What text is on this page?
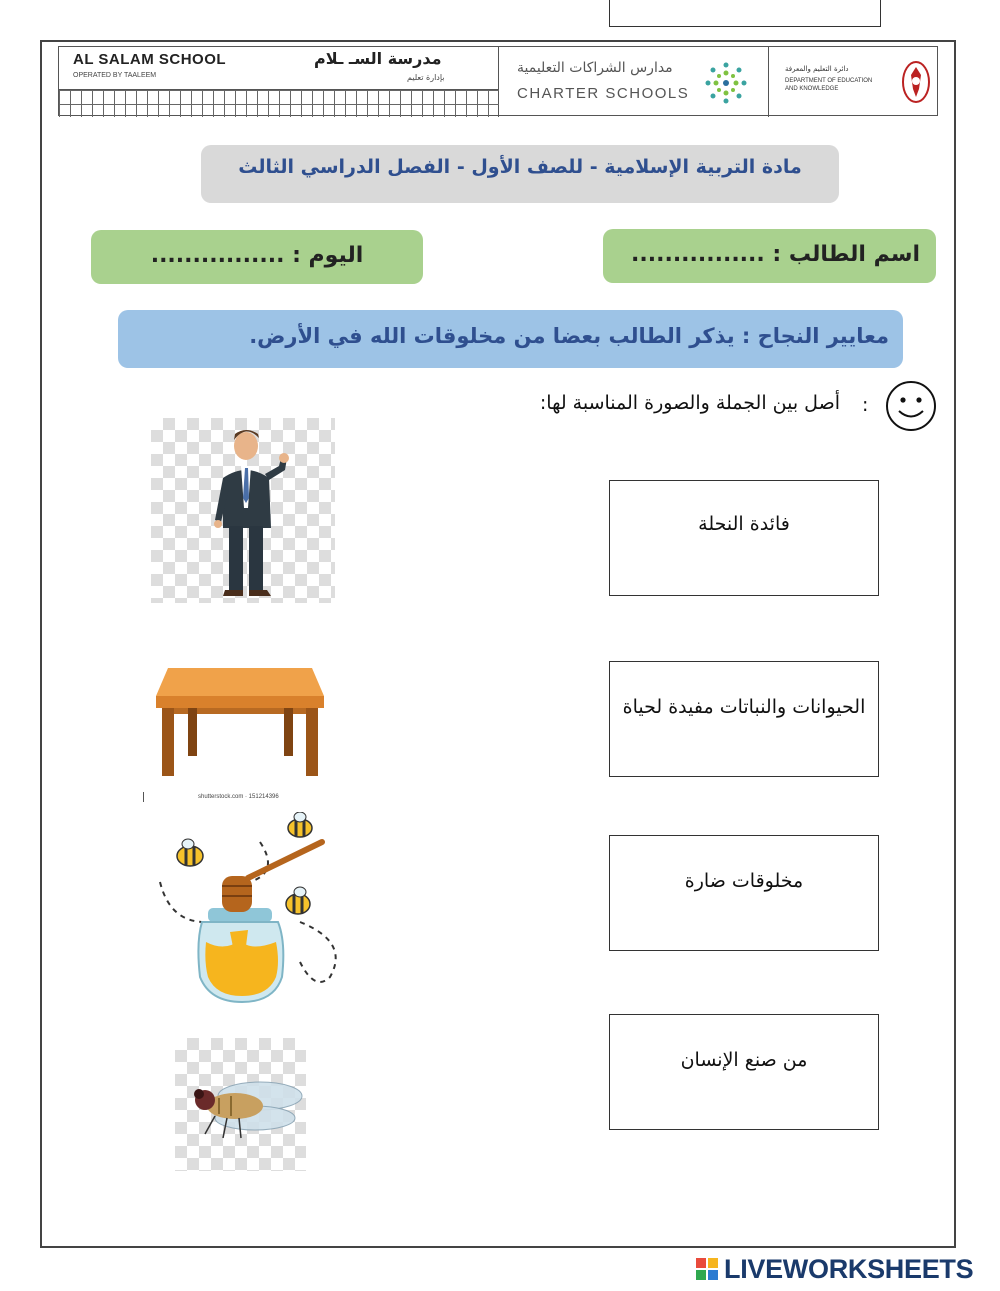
AL SALAM SCHOOL
OPERATED BY TAALEEM
مدرسة السـ ـلام
بإدارة تعليم
مدارس الشراكات التعليمية
CHARTER SCHOOLS
دائرة التعليم والمعرفة
DEPARTMENT OF EDUCATION
AND KNOWLEDGE
مادة التربية الإسلامية - للصف الأول - الفصل الدراسي الثالث
اليوم : ................	اسم الطالب : ................
معايير النجاح : يذكر الطالب بعضا من مخلوقات الله في الأرض.
:
أصل بين الجملة والصورة المناسبة لها:
فائدة النحلة
الحيوانات والنباتات مفيدة لحياة
مخلوقات ضارة
من صنع الإنسان
shutterstock.com · 151214396
LIVEWORKSHEETS
